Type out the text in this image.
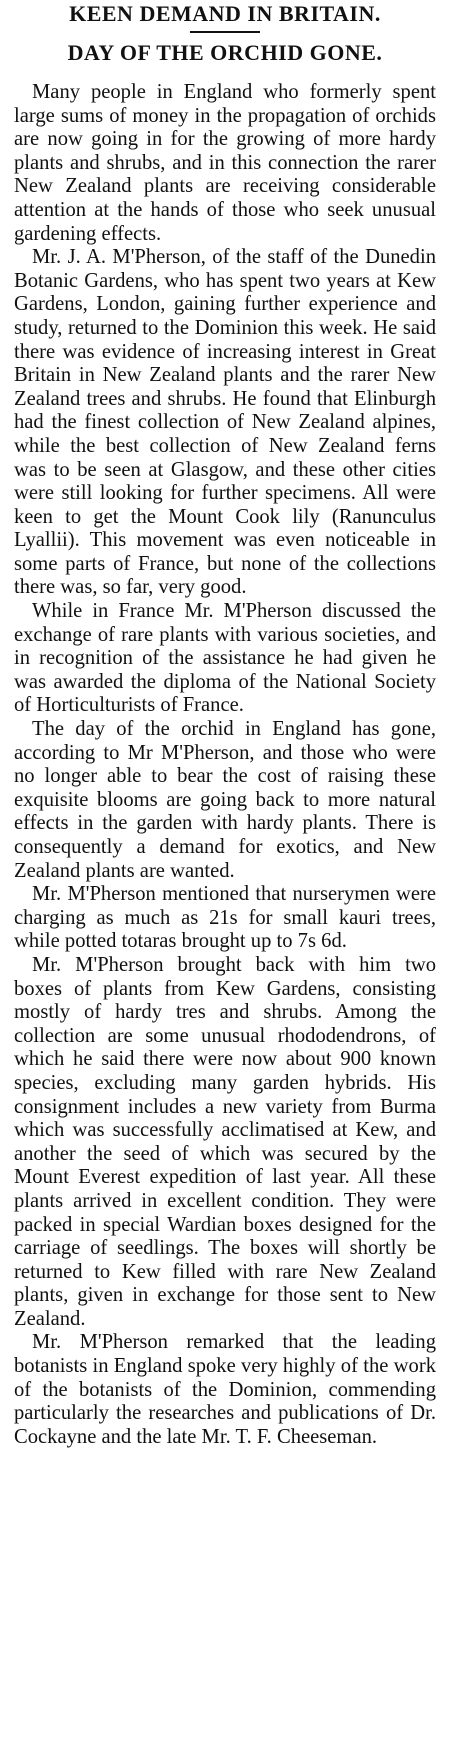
KEEN DEMAND IN BRITAIN.
DAY OF THE ORCHID GONE.

Many people in England who formerly spent large sums of money in the propagation of orchids are now going in for the growing of more hardy plants and shrubs, and in this connection the rarer New Zealand plants are receiving considerable attention at the hands of those who seek unusual gardening effects.

Mr. J. A. M'Pherson, of the staff of the Dunedin Botanic Gardens, who has spent two years at Kew Gardens, London, gaining further experience and study, returned to the Dominion this week. He said there was evidence of increasing interest in Great Britain in New Zealand plants and the rarer New Zealand trees and shrubs. He found that Elinburgh had the finest collection of New Zealand alpines, while the best collection of New Zealand ferns was to be seen at Glasgow, and these other cities were still looking for further specimens. All were keen to get the Mount Cook lily (Ranunculus Lyallii). This movement was even noticeable in some parts of France, but none of the collections there was, so far, very good.

While in France Mr. M'Pherson discussed the exchange of rare plants with various societies, and in recognition of the assistance he had given he was awarded the diploma of the National Society of Horticulturists of France.

The day of the orchid in England has gone, according to Mr M'Pherson, and those who were no longer able to bear the cost of raising these exquisite blooms are going back to more natural effects in the garden with hardy plants. There is consequently a demand for exotics, and New Zealand plants are wanted.

Mr. M'Pherson mentioned that nurserymen were charging as much as 21s for small kauri trees, while potted totaras brought up to 7s 6d.

Mr. M'Pherson brought back with him two boxes of plants from Kew Gardens, consisting mostly of hardy tres and shrubs. Among the collection are some unusual rhododendrons, of which he said there were now about 900 known species, excluding many garden hybrids. His consignment includes a new variety from Burma which was successfully acclimatised at Kew, and another the seed of which was secured by the Mount Everest expedition of last year. All these plants arrived in excellent condition. They were packed in special Wardian boxes designed for the carriage of seedlings. The boxes will shortly be returned to Kew filled with rare New Zealand plants, given in exchange for those sent to New Zealand.

Mr. M'Pherson remarked that the leading botanists in England spoke very highly of the work of the botanists of the Dominion, commending particularly the researches and publications of Dr. Cockayne and the late Mr. T. F. Cheeseman.
